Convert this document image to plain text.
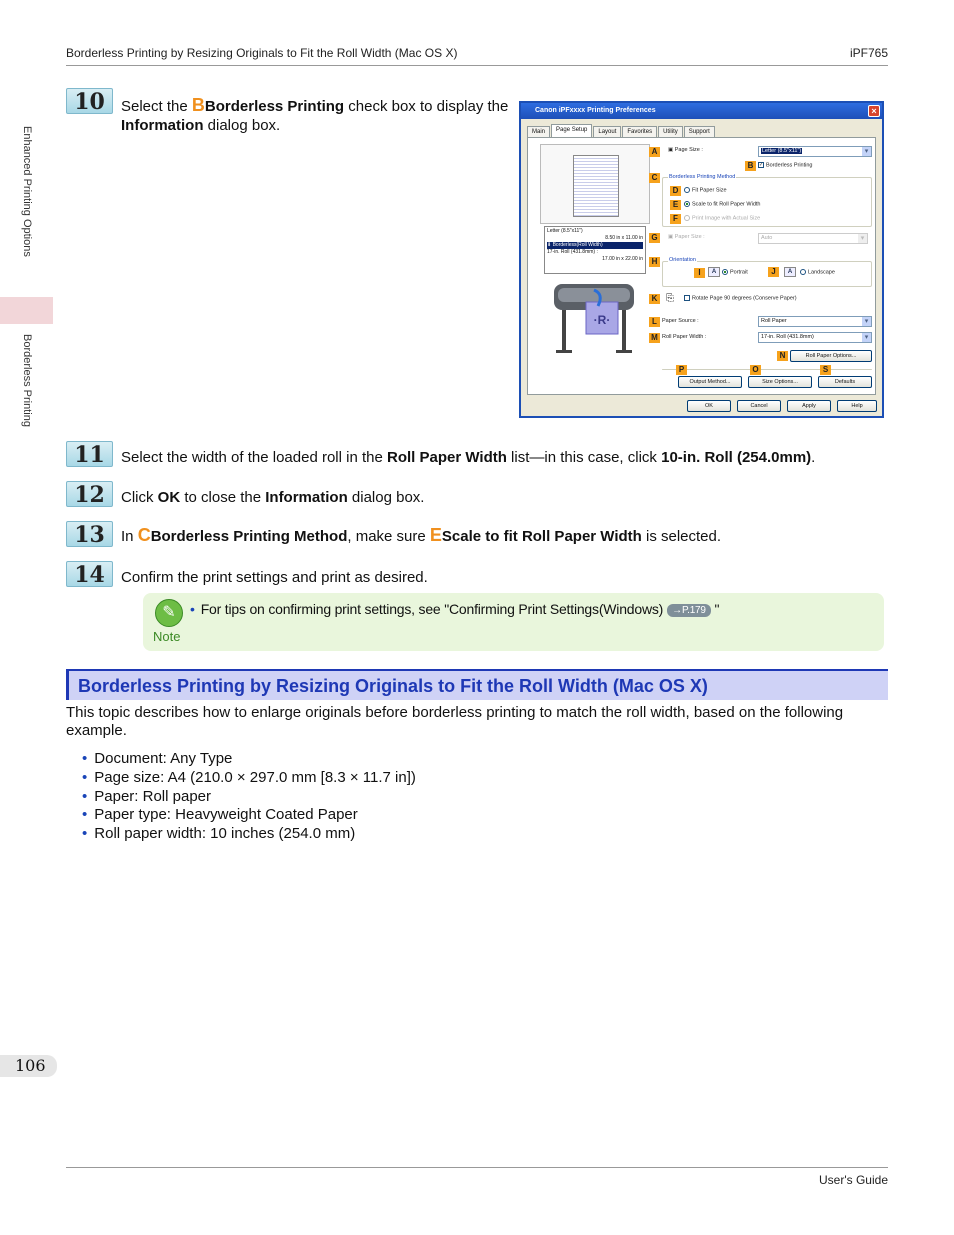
Borderless Printing by Resizing Originals to Fit the Roll Width (Mac OS X)	iPF765
Enhanced Printing Options
Borderless Printing
10	Select the BBorderless Printing check box to display the Information dialog box.
Canon iPFxxxx Printing Preferences	×
Main	Page Setup	Layout	Favorites	Utility	Support
Letter (8.5"x11")
8.50 in x 11.00 in
⬇ Borderless(Roll Width)
17-in. Roll (431.8mm) :
17.00 in x 22.00 in
·R·
A	▣ Page Size :	Letter (8.5"x11") ▾
B	✓ Borderless Printing
C	Borderless Printing Method
D	Fit Paper Size
E	Scale to fit Roll Paper Width
F	Print Image with Actual Size
G	▣ Paper Size :	Auto ▾
H	Orientation
I	A	Portrait	J	A	Landscape
K ⎘	Rotate Page 90 degrees (Conserve Paper)
L Paper Source :	Roll Paper ▾
M Roll Paper Width :	17-in. Roll (431.8mm) ▾
N	Roll Paper Options...
P	O	S
Output Method...	Size Options...	Defaults
OK	Cancel	Apply	Help
11	Select the width of the loaded roll in the Roll Paper Width list—in this case, click 10-in. Roll (254.0mm).
12	Click OK to close the Information dialog box.
13	In CBorderless Printing Method, make sure EScale to fit Roll Paper Width is selected.
14	Confirm the print settings and print as desired.
✎
Note
• For tips on confirming print settings, see "Confirming Print Settings(Windows) →P.179 "
Borderless Printing by Resizing Originals to Fit the Roll Width (Mac OS X)
This topic describes how to enlarge originals before borderless printing to match the roll width, based on the following example.
• Document: Any Type
• Page size: A4 (210.0 × 297.0 mm [8.3 × 11.7 in])
• Paper: Roll paper
• Paper type: Heavyweight Coated Paper
• Roll paper width: 10 inches (254.0 mm)
106
User's Guide
